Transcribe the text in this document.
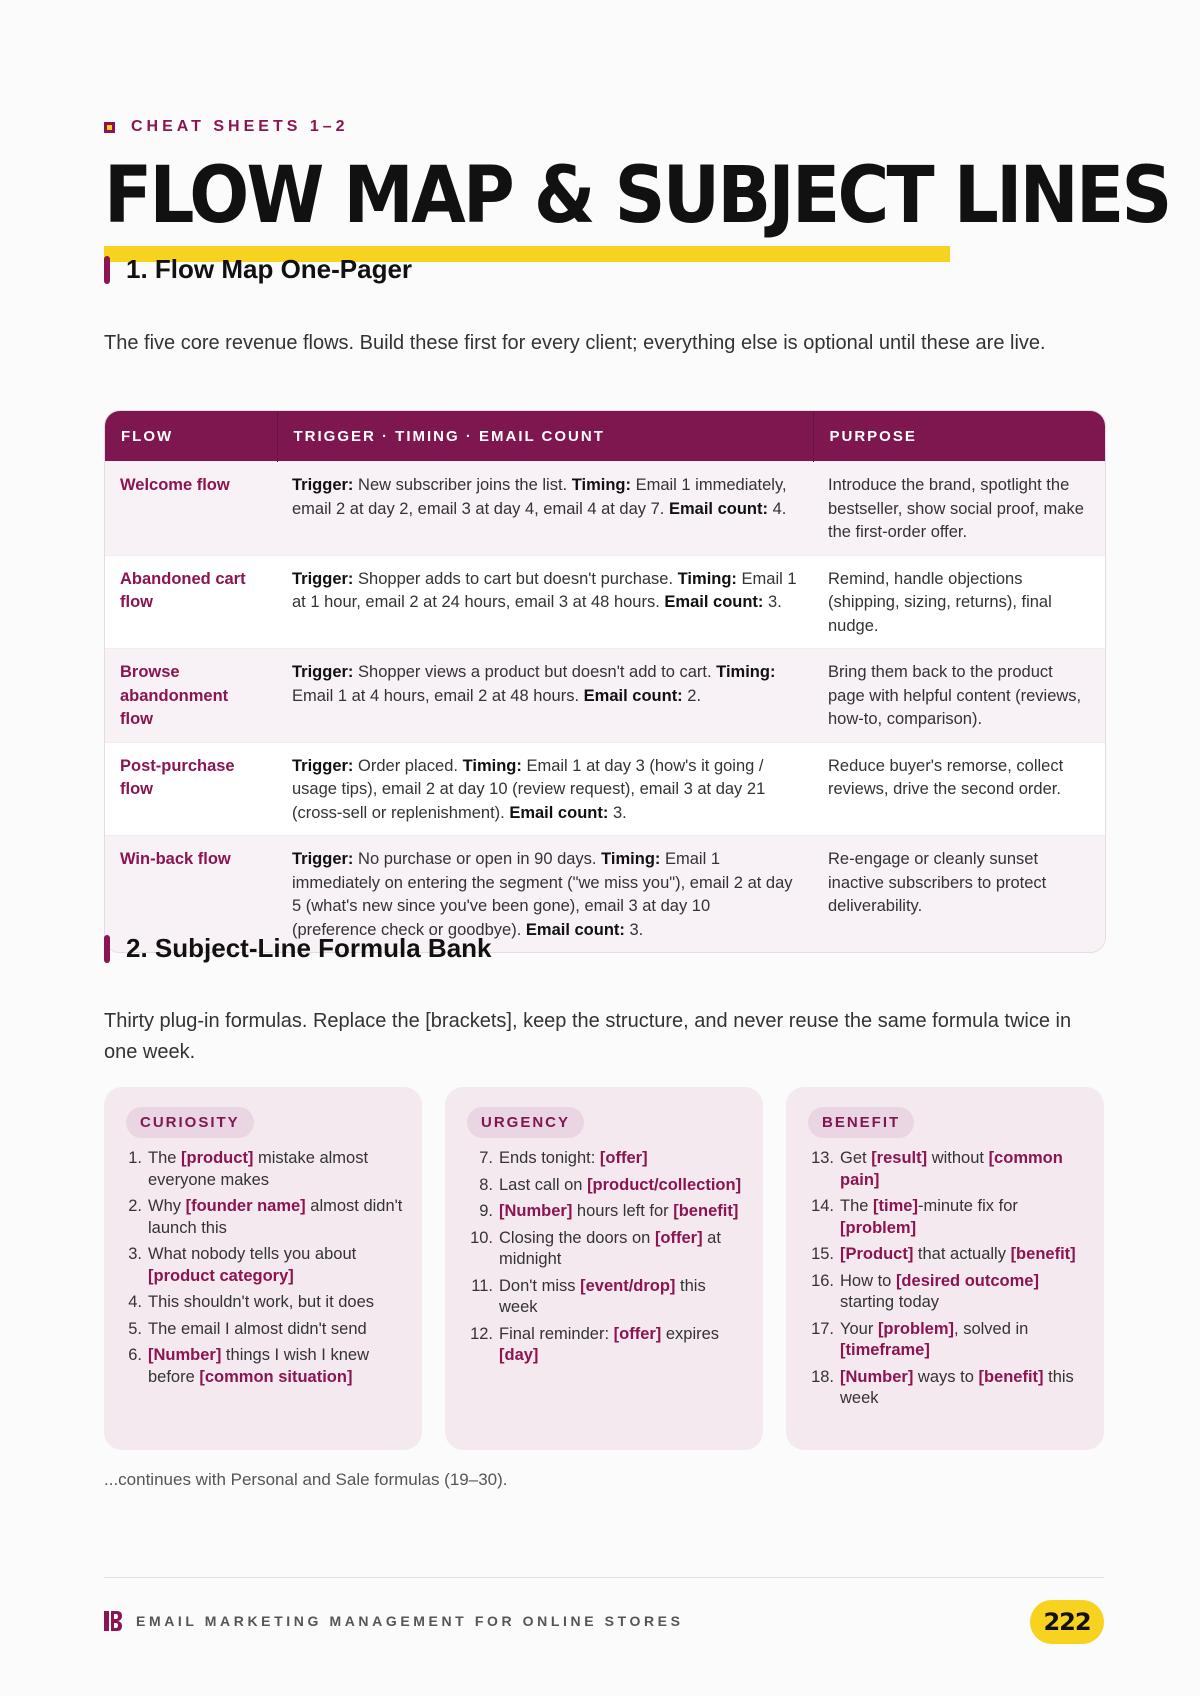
CHEAT SHEETS 1–2
FLOW MAP & SUBJECT LINES
1. Flow Map One-Pager

The five core revenue flows. Build these first for every client; everything else is optional until these are live.

FLOW	TRIGGER · TIMING · EMAIL COUNT	PURPOSE
Welcome flow	Trigger: New subscriber joins the list. Timing: Email 1 immediately, email 2 at day 2, email 3 at day 4, email 4 at day 7. Email count: 4.	Introduce the brand, spotlight the bestseller, show social proof, make the first-order offer.
Abandoned cart flow	Trigger: Shopper adds to cart but doesn't purchase. Timing: Email 1 at 1 hour, email 2 at 24 hours, email 3 at 48 hours. Email count: 3.	Remind, handle objections (shipping, sizing, returns), final nudge.
Browse abandonment flow	Trigger: Shopper views a product but doesn't add to cart. Timing: Email 1 at 4 hours, email 2 at 48 hours. Email count: 2.	Bring them back to the product page with helpful content (reviews, how-to, comparison).
Post-purchase flow	Trigger: Order placed. Timing: Email 1 at day 3 (how's it going / usage tips), email 2 at day 10 (review request), email 3 at day 21 (cross-sell or replenishment). Email count: 3.	Reduce buyer's remorse, collect reviews, drive the second order.
Win-back flow	Trigger: No purchase or open in 90 days. Timing: Email 1 immediately on entering the segment ("we miss you"), email 2 at day 5 (what's new since you've been gone), email 3 at day 10 (preference check or goodbye). Email count: 3.	Re-engage or cleanly sunset inactive subscribers to protect deliverability.
2. Subject-Line Formula Bank

Thirty plug-in formulas. Replace the [brackets], keep the structure, and never reuse the same formula twice in one week.

CURIOSITY
1. The [product] mistake almost everyone makes
2. Why [founder name] almost didn't launch this
3. What nobody tells you about [product category]
4. This shouldn't work, but it does
5. The email I almost didn't send
6. [Number] things I wish I knew before [common situation]
URGENCY
7. Ends tonight: [offer]
8. Last call on [product/collection]
9. [Number] hours left for [benefit]
10. Closing the doors on [offer] at midnight
11. Don't miss [event/drop] this week
12. Final reminder: [offer] expires [day]
BENEFIT
13. Get [result] without [common pain]
14. The [time]-minute fix for [problem]
15. [Product] that actually [benefit]
16. How to [desired outcome] starting today
17. Your [problem], solved in [timeframe]
18. [Number] ways to [benefit] this week

...continues with Personal and Sale formulas (19–30).

EMAIL MARKETING MANAGEMENT FOR ONLINE STORES	222
